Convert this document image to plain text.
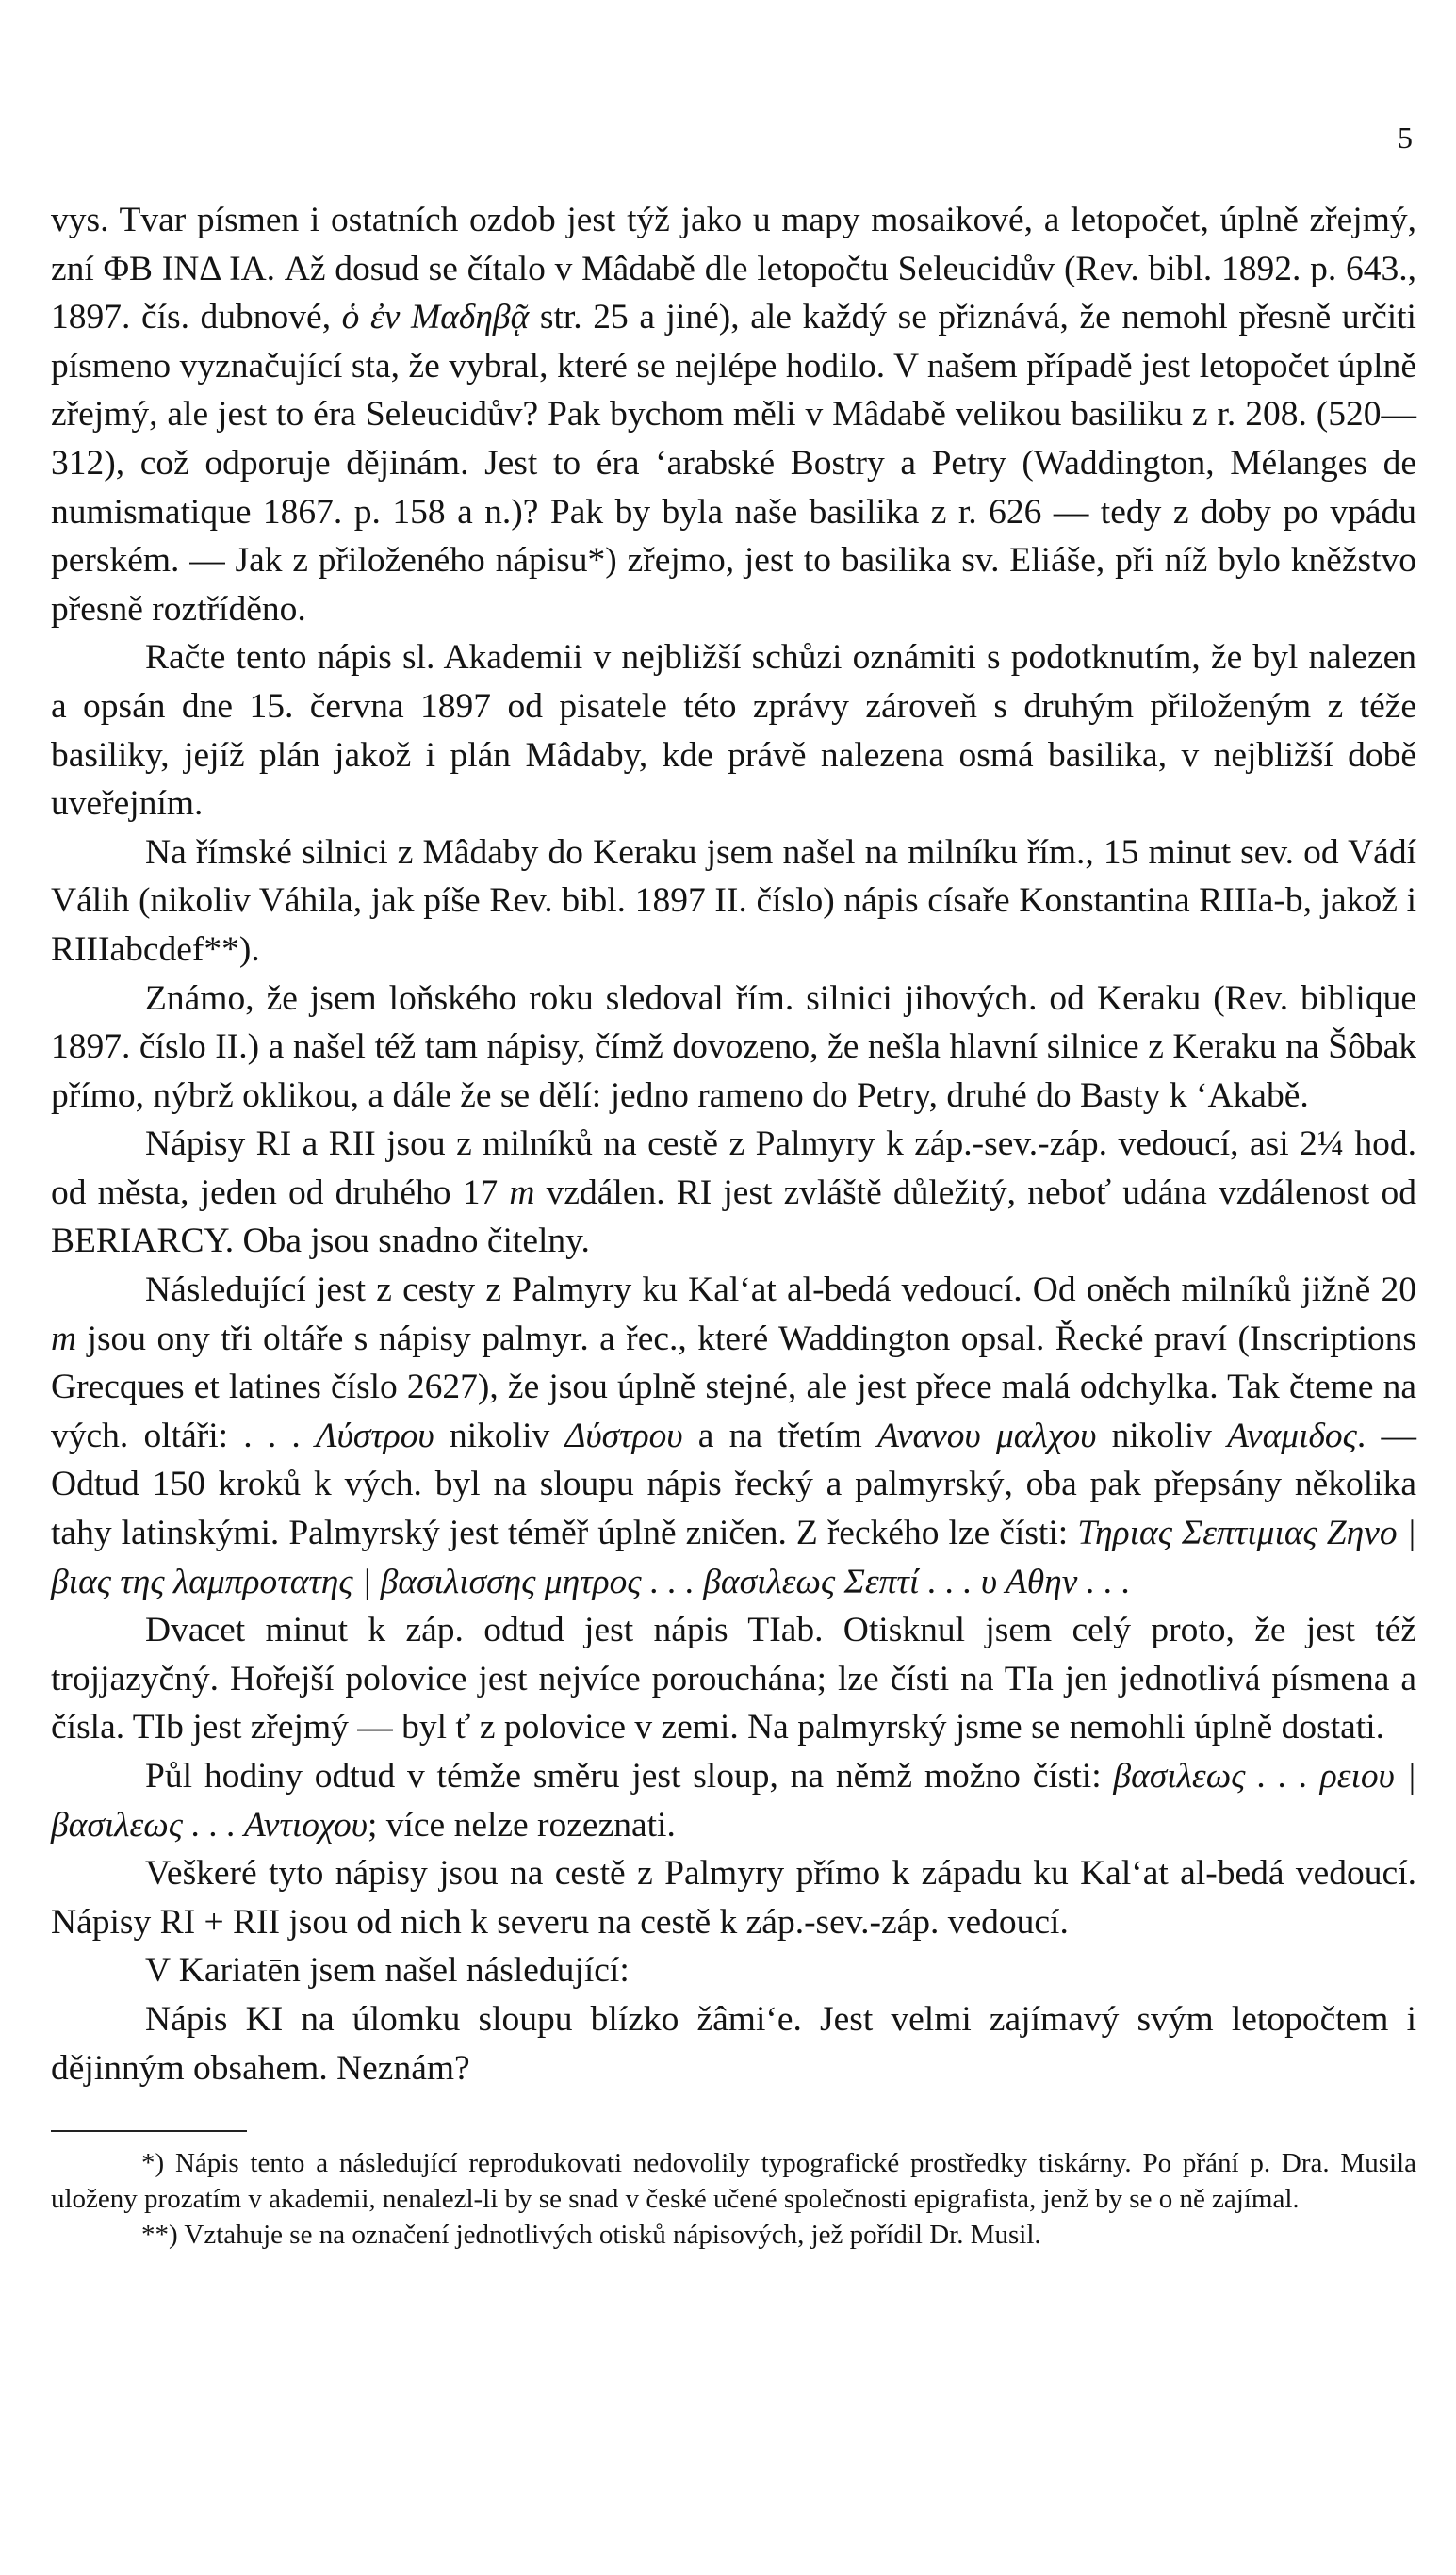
5

vys. Tvar písmen i ostatních ozdob jest týž jako u mapy mosaikové, a letopočet, úplně zřejmý, zní ΦΒ ΙΝΔ ΙΑ. Až dosud se čítalo v Mâdabě dle letopočtu Seleucidův (Rev. bibl. 1892. p. 643., 1897. čís. dubnové, ὁ ἐν Μαδηβᾷ str. 25 a jiné), ale každý se přiznává, že nemohl přesně určiti písmeno vyznačující sta, že vybral, které se nejlépe hodilo. V našem případě jest letopočet úplně zřejmý, ale jest to éra Seleucidův? Pak bychom měli v Mâdabě velikou basiliku z r. 208. (520—312), což odporuje dějinám. Jest to éra ‘arabské Bostry a Petry (Waddington, Mélanges de numismatique 1867. p. 158 a n.)? Pak by byla naše basilika z r. 626 — tedy z doby po vpádu perském. — Jak z přiloženého nápisu*) zřejmo, jest to basilika sv. Eliáše, při níž bylo kněžstvo přesně roztříděno.

Račte tento nápis sl. Akademii v nejbližší schůzi oznámiti s podotknutím, že byl nalezen a opsán dne 15. června 1897 od pisatele této zprávy zároveň s druhým přiloženým z téže basiliky, jejíž plán jakož i plán Mâdaby, kde právě nalezena osmá basilika, v nejbližší době uveřejním.

Na římské silnici z Mâdaby do Keraku jsem našel na milníku řím., 15 minut sev. od Vádí Válih (nikoliv Váhila, jak píše Rev. bibl. 1897 II. číslo) nápis císaře Konstantina RIIIa-b, jakož i RIIIabcdef**).

Známo, že jsem loňského roku sledoval řím. silnici jihových. od Keraku (Rev. biblique 1897. číslo II.) a našel též tam nápisy, čímž dovozeno, že nešla hlavní silnice z Keraku na Šôbak přímo, nýbrž oklikou, a dále že se dělí: jedno rameno do Petry, druhé do Basty k ‘Akabě.

Nápisy RI a RII jsou z milníků na cestě z Palmyry k záp.-sev.-záp. vedoucí, asi 2¼ hod. od města, jeden od druhého 17 m vzdálen. RI jest zvláště důležitý, neboť udána vzdálenost od BERIARCY. Oba jsou snadno čitelny.

Následující jest z cesty z Palmyry ku Kal‘at al-bedá vedoucí. Od oněch milníků jižně 20 m jsou ony tři oltáře s nápisy palmyr. a řec., které Waddington opsal. Řecké praví (Inscriptions Grecques et latines číslo 2627), že jsou úplně stejné, ale jest přece malá odchylka. Tak čteme na vých. oltáři: . . . Λύστρου nikoliv Δύστρου a na třetím Ανανου μαλχου nikoliv Αναμιδος. — Odtud 150 kroků k vých. byl na sloupu nápis řecký a palmyrský, oba pak přepsány několika tahy latinskými. Palmyrský jest téměř úplně zničen. Z řeckého lze čísti: Τηριας Σεπτιμιας Ζηνο | βιας της λαμπροτατης | βασιλισσης μητρος . . . βασιλεως Σεπτί . . . υ Αθην . . .

Dvacet minut k záp. odtud jest nápis TIab. Otisknul jsem celý proto, že jest též trojjazyčný. Hořejší polovice jest nejvíce porouchána; lze čísti na TIa jen jednotlivá písmena a čísla. TIb jest zřejmý — byl ť z polovice v zemi. Na palmyrský jsme se nemohli úplně dostati.

Půl hodiny odtud v témže směru jest sloup, na němž možno čísti: βασιλεως . . . ρειου | βασιλεως . . . Αντιοχου; více nelze rozeznati.

Veškeré tyto nápisy jsou na cestě z Palmyry přímo k západu ku Kal‘at al-bedá vedoucí. Nápisy RI + RII jsou od nich k severu na cestě k záp.-sev.-záp. vedoucí.

V Kariatēn jsem našel následující:

Nápis KI na úlomku sloupu blízko žâmi‘e. Jest velmi zajímavý svým letopočtem i dějinným obsahem. Neznám?

*) Nápis tento a následující reprodukovati nedovolily typografické prostředky tiskárny. Po přání p. Dra. Musila uloženy prozatím v akademii, nenalezl-li by se snad v české učené společnosti epigrafista, jenž by se o ně zajímal.

**) Vztahuje se na označení jednotlivých otisků nápisových, jež pořídil Dr. Musil.
